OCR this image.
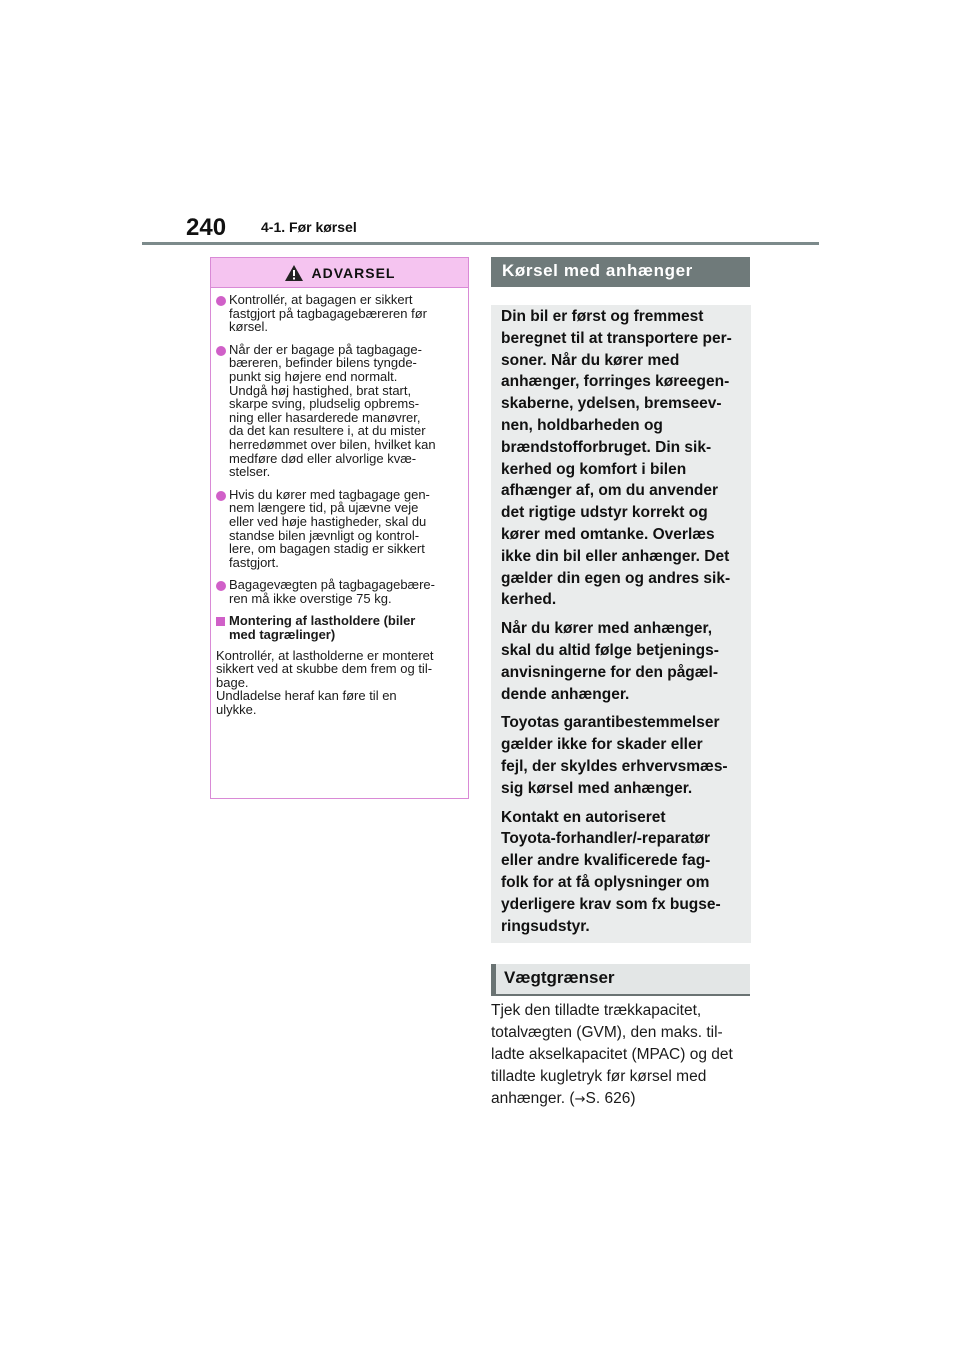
240 4-1. Før kørsel
ADVARSEL
Kontrollér, at bagagen er sikkert
fastgjort på tagbagagebæreren før
kørsel.
Når der er bagage på tagbagage-
bæreren, befinder bilens tyngde-
punkt sig højere end normalt.
Undgå høj hastighed, brat start,
skarpe sving, pludselig opbrems-
ning eller hasarderede manøvrer,
da det kan resultere i, at du mister
herredømmet over bilen, hvilket kan
medføre død eller alvorlige kvæ-
stelser.
Hvis du kører med tagbagage gen-
nem længere tid, på ujævne veje
eller ved høje hastigheder, skal du
standse bilen jævnligt og kontrol-
lere, om bagagen stadig er sikkert
fastgjort.
Bagagevægten på tagbagagebære-
ren må ikke overstige 75 kg.
Montering af lastholdere (biler
med tagrælinger)
Kontrollér, at lastholderne er monteret
sikkert ved at skubbe dem frem og til-
bage.
Undladelse heraf kan føre til en
ulykke.
Kørsel med anhænger

Din bil er først og fremmest
beregnet til at transportere per-
soner. Når du kører med
anhænger, forringes køreegen-
skaberne, ydelsen, bremseev-
nen, holdbarheden og
brændstofforbruget. Din sik-
kerhed og komfort i bilen
afhænger af, om du anvender
det rigtige udstyr korrekt og
kører med omtanke. Overlæs
ikke din bil eller anhænger. Det
gælder din egen og andres sik-
kerhed.

Når du kører med anhænger,
skal du altid følge betjenings-
anvisningerne for den pågæl-
dende anhænger.

Toyotas garantibestemmelser
gælder ikke for skader eller
fejl, der skyldes erhvervsmæs-
sig kørsel med anhænger.

Kontakt en autoriseret
Toyota-forhandler/-reparatør
eller andre kvalificerede fag-
folk for at få oplysninger om
yderligere krav som fx bugse-
ringsudstyr.

Vægtgrænser
Tjek den tilladte trækkapacitet,
totalvægten (GVM), den maks. til-
ladte akselkapacitet (MPAC) og det
tilladte kugletryk før kørsel med
anhænger. (→S. 626)
